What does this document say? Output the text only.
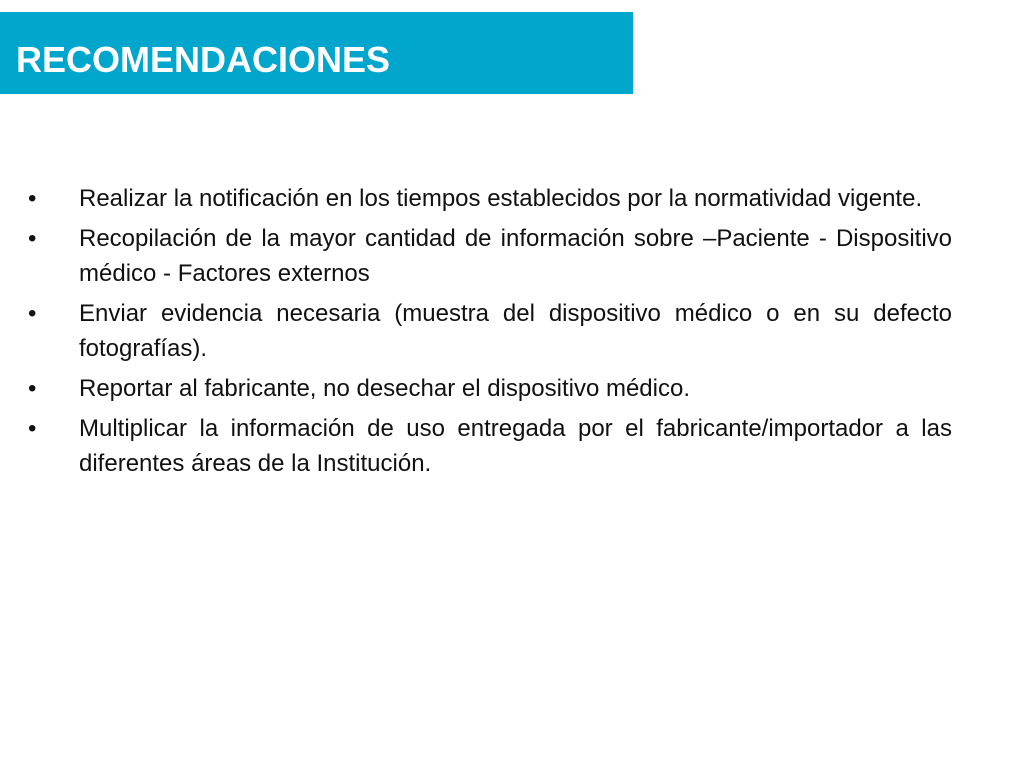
RECOMENDACIONES
•	Realizar la notificación en los tiempos establecidos por la normatividad vigente.
•	Recopilación de la mayor cantidad de información sobre –Paciente - Dispositivo médico - Factores externos
•	Enviar evidencia necesaria (muestra del dispositivo médico o en su defecto fotografías).
•	Reportar al fabricante, no desechar el dispositivo médico.
•	Multiplicar la información de uso entregada por el fabricante/importador a las diferentes áreas de la Institución.
